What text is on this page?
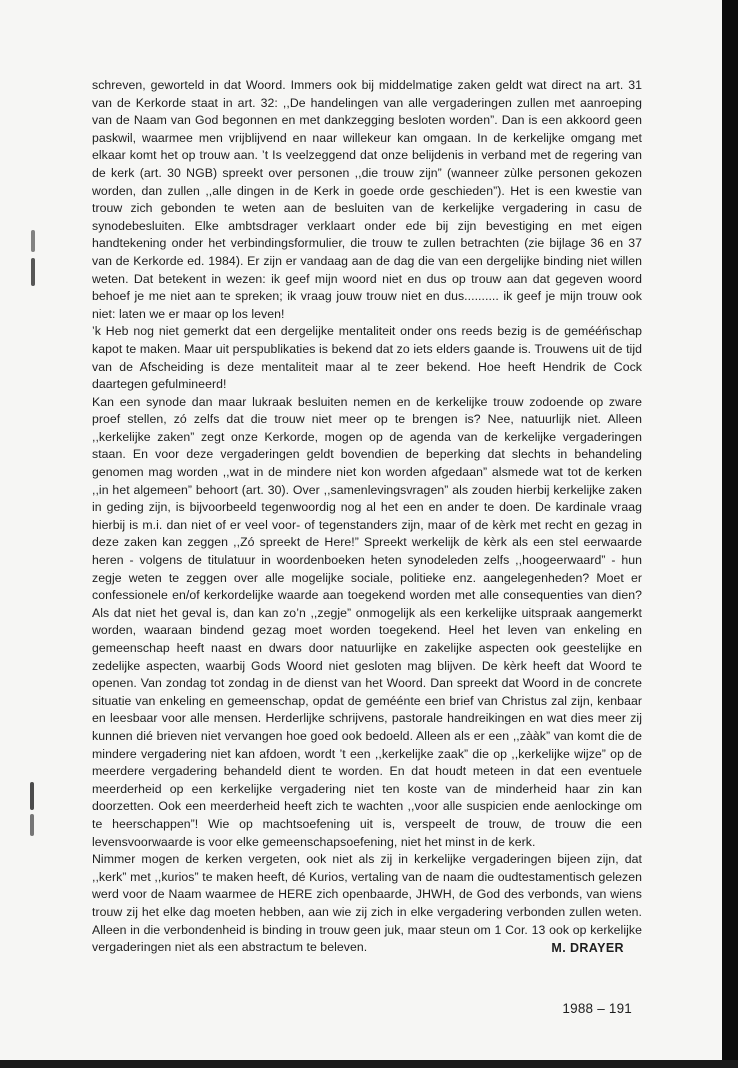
schreven, geworteld in dat Woord. Immers ook bij middelmatige zaken geldt wat direct na art. 31 van de Kerkorde staat in art. 32: ,,De handelingen van alle vergaderingen zullen met aanroeping van de Naam van God begonnen en met dankzegging besloten worden”. Dan is een akkoord geen paskwil, waarmee men vrijblijvend en naar willekeur kan omgaan. In de kerkelijke omgang met elkaar komt het op trouw aan. ’t Is veelzeggend dat onze belijdenis in verband met de regering van de kerk (art. 30 NGB) spreekt over personen ,,die trouw zijn” (wanneer zùlke personen gekozen worden, dan zullen ,,alle dingen in de Kerk in goede orde geschieden”). Het is een kwestie van trouw zich gebonden te weten aan de besluiten van de kerkelijke vergadering in casu de synodebesluiten. Elke ambtsdrager verklaart onder ede bij zijn bevestiging en met eigen handtekening onder het verbindingsformulier, die trouw te zullen betrachten (zie bijlage 36 en 37 van de Kerkorde ed. 1984). Er zijn er vandaag aan de dag die van een dergelijke binding niet willen weten. Dat betekent in wezen: ik geef mijn woord niet en dus op trouw aan dat gegeven woord behoef je me niet aan te spreken; ik vraag jouw trouw niet en dus.......... ik geef je mijn trouw ook niet: laten we er maar op los leven!

’k Heb nog niet gemerkt dat een dergelijke mentaliteit onder ons reeds bezig is de gemééńschap kapot te maken. Maar uit perspublikaties is bekend dat zo iets elders gaande is. Trouwens uit de tijd van de Afscheiding is deze mentaliteit maar al te zeer bekend. Hoe heeft Hendrik de Cock daartegen gefulmineerd!

Kan een synode dan maar lukraak besluiten nemen en de kerkelijke trouw zodoende op zware proef stellen, zó zelfs dat die trouw niet meer op te brengen is? Nee, natuurlijk niet. Alleen ,,kerkelijke zaken” zegt onze Kerkorde, mogen op de agenda van de kerkelijke vergaderingen staan. En voor deze vergaderingen geldt bovendien de beperking dat slechts in behandeling genomen mag worden ,,wat in de mindere niet kon worden afgedaan” alsmede wat tot de kerken ,,in het algemeen” behoort (art. 30). Over ,,samenlevingsvragen” als zouden hierbij kerkelijke zaken in geding zijn, is bijvoorbeeld tegenwoordig nog al het een en ander te doen. De kardinale vraag hierbij is m.i. dan niet of er veel voor- of tegenstanders zijn, maar of de kèrk met recht en gezag in deze zaken kan zeggen ,,Zó spreekt de Here!” Spreekt werkelijk de kèrk als een stel eerwaarde heren - volgens de titulatuur in woordenboeken heten synodeleden zelfs ,,hoogeerwaard” - hun zegje weten te zeggen over alle mogelijke sociale, politieke enz. aangelegenheden? Moet er confessionele en/of kerkordelijke waarde aan toegekend worden met alle consequenties van dien? Als dat niet het geval is, dan kan zo’n ,,zegje” onmogelijk als een kerkelijke uitspraak aangemerkt worden, waaraan bindend gezag moet worden toegekend. Heel het leven van enkeling en gemeenschap heeft naast en dwars door natuurlijke en zakelijke aspecten ook geestelijke en zedelijke aspecten, waarbij Gods Woord niet gesloten mag blijven. De kèrk heeft dat Woord te openen. Van zondag tot zondag in de dienst van het Woord. Dan spreekt dat Woord in de concrete situatie van enkeling en gemeenschap, opdat de geméénte een brief van Christus zal zijn, kenbaar en leesbaar voor alle mensen. Herderlijke schrijvens, pastorale handreikingen en wat dies meer zij kunnen dié brieven niet vervangen hoe goed ook bedoeld. Alleen als er een ,,zààk” van komt die de mindere vergadering niet kan afdoen, wordt ’t een ,,kerkelijke zaak” die op ,,kerkelijke wijze” op de meerdere vergadering behandeld dient te worden. En dat houdt meteen in dat een eventuele meerderheid op een kerkelijke vergadering niet ten koste van de minderheid haar zin kan doorzetten. Ook een meerderheid heeft zich te wachten ,,voor alle suspicien ende aenlockinge om te heerschappen”! Wie op machtsoefening uit is, verspeelt de trouw, de trouw die een levensvoorwaarde is voor elke gemeenschapsoefening, niet het minst in de kerk.

Nimmer mogen de kerken vergeten, ook niet als zij in kerkelijke vergaderingen bijeen zijn, dat ,,kerk” met ,,kurios” te maken heeft, dé Kurios, vertaling van de naam die oudtestamentisch gelezen werd voor de Naam waarmee de HERE zich openbaarde, JHWH, de God des verbonds, van wiens trouw zij het elke dag moeten hebben, aan wie zij zich in elke vergadering verbonden zullen weten. Alleen in die verbondenheid is binding in trouw geen juk, maar steun om 1 Cor. 13 ook op kerkelijke vergaderingen niet als een abstractum te beleven.	M. DRAYER
1988 – 191
